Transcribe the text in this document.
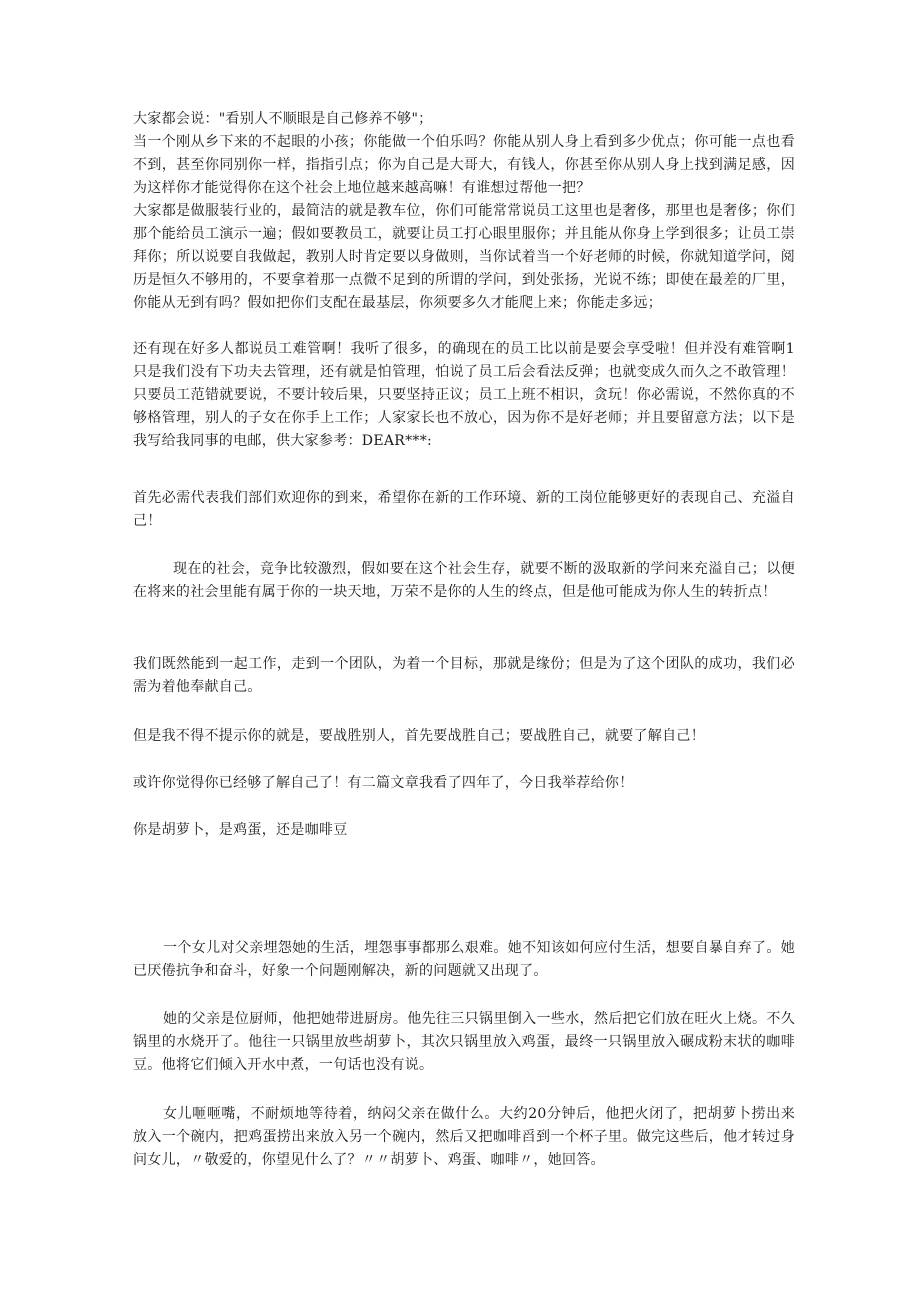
大家都会说："看别人不顺眼是自己修养不够"；

当一个刚从乡下来的不起眼的小孩；你能做一个伯乐吗？你能从别人身上看到多少优点；你可能一点也看不到，甚至你同别你一样，指指引点；你为自己是大哥大，有钱人，你甚至你从别人身上找到满足感，因为这样你才能觉得你在这个社会上地位越来越高嘛！有谁想过帮他一把？

大家都是做服装行业的，最简洁的就是教车位，你们可能常常说员工这里也是奢侈，那里也是奢侈；你们那个能给员工演示一遍；假如要教员工，就要让员工打心眼里服你；并且能从你身上学到很多；让员工崇拜你；所以说要自我做起，教别人时肯定要以身做则，当你试着当一个好老师的时候，你就知道学问，阅历是恒久不够用的，不要拿着那一点微不足到的所谓的学问，到处张扬，光说不练；即使在最差的厂里，你能从无到有吗？假如把你们支配在最基层，你须要多久才能爬上来；你能走多远；

还有现在好多人都说员工难管啊！我听了很多，的确现在的员工比以前是要会享受啦！但并没有难管啊1只是我们没有下功夫去管理，还有就是怕管理，怕说了员工后会看法反弹；也就变成久而久之不敢管理！只要员工范错就要说，不要计较后果，只要坚持正议；员工上班不相识，贪玩！你必需说，不然你真的不够格管理，别人的子女在你手上工作；人家家长也不放心，因为你不是好老师；并且要留意方法；以下是我写给我同事的电邮，供大家参考：DEAR***:

首先必需代表我们部们欢迎你的到来，希望你在新的工作环境、新的工岗位能够更好的表现自己、充溢自己！

现在的社会，竞争比较激烈，假如要在这个社会生存，就要不断的汲取新的学问来充溢自己；以便在将来的社会里能有属于你的一块天地，万荣不是你的人生的终点，但是他可能成为你人生的转折点！

我们既然能到一起工作，走到一个团队，为着一个目标，那就是缘份；但是为了这个团队的成功，我们必需为着他奉献自己。

但是我不得不提示你的就是，要战胜别人，首先要战胜自己；要战胜自己，就要了解自己！

或许你觉得你已经够了解自己了！有二篇文章我看了四年了，今日我举荐给你！

你是胡萝卜，是鸡蛋，还是咖啡豆

一个女儿对父亲埋怨她的生活，埋怨事事都那么艰难。她不知该如何应付生活，想要自暴自弃了。她已厌倦抗争和奋斗，好象一个问题刚解决，新的问题就又出现了。

她的父亲是位厨师，他把她带进厨房。他先往三只锅里倒入一些水，然后把它们放在旺火上烧。不久锅里的水烧开了。他往一只锅里放些胡萝卜，其次只锅里放入鸡蛋，最终一只锅里放入碾成粉末状的咖啡豆。他将它们倾入开水中煮，一句话也没有说。

女儿咂咂嘴，不耐烦地等待着，纳闷父亲在做什么。大约20分钟后，他把火闭了，把胡萝卜捞出来放入一个碗内，把鸡蛋捞出来放入另一个碗内，然后又把咖啡舀到一个杯子里。做完这些后，他才转过身问女儿，〃敬爱的，你望见什么了？〃〃胡萝卜、鸡蛋、咖啡〃，她回答。
